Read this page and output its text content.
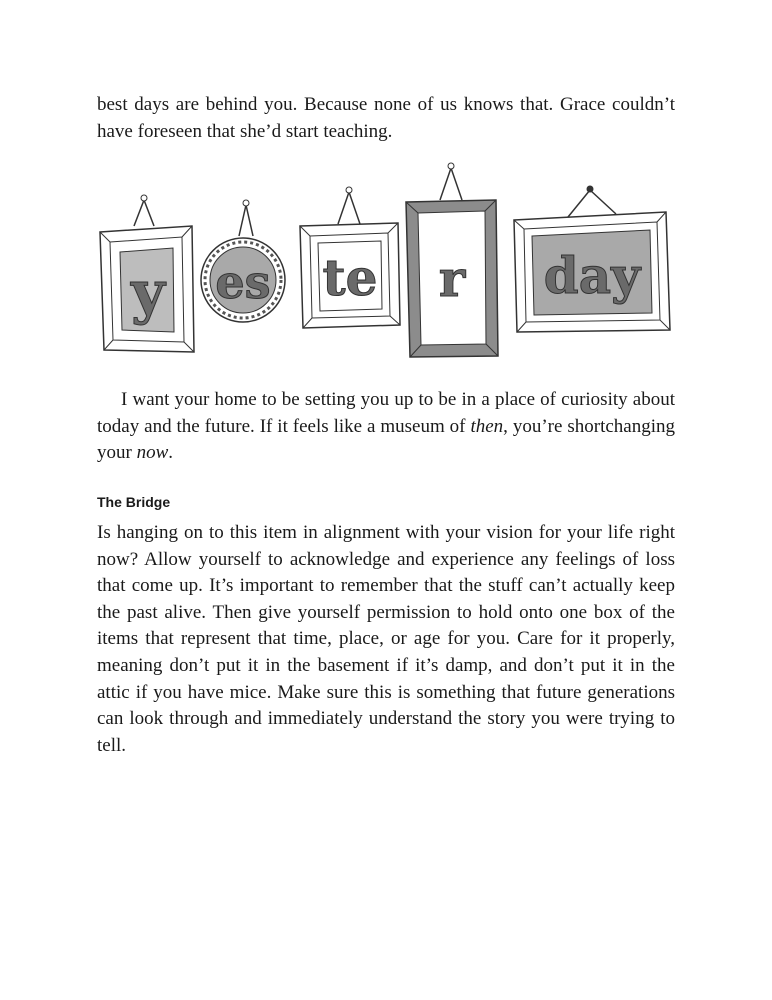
best days are behind you. Because none of us knows that. Grace couldn’t have foreseen that she’d start teaching.

y es te r day

I want your home to be setting you up to be in a place of curiosity about today and the future. If it feels like a museum of then, you’re shortchanging your now.

The Bridge

Is hanging on to this item in alignment with your vision for your life right now? Allow yourself to acknowledge and experience any feelings of loss that come up. It’s important to remember that the stuff can’t actually keep the past alive. Then give yourself permission to hold onto one box of the items that represent that time, place, or age for you. Care for it properly, meaning don’t put it in the basement if it’s damp, and don’t put it in the attic if you have mice. Make sure this is something that future generations can look through and immediately understand the story you were trying to tell.
